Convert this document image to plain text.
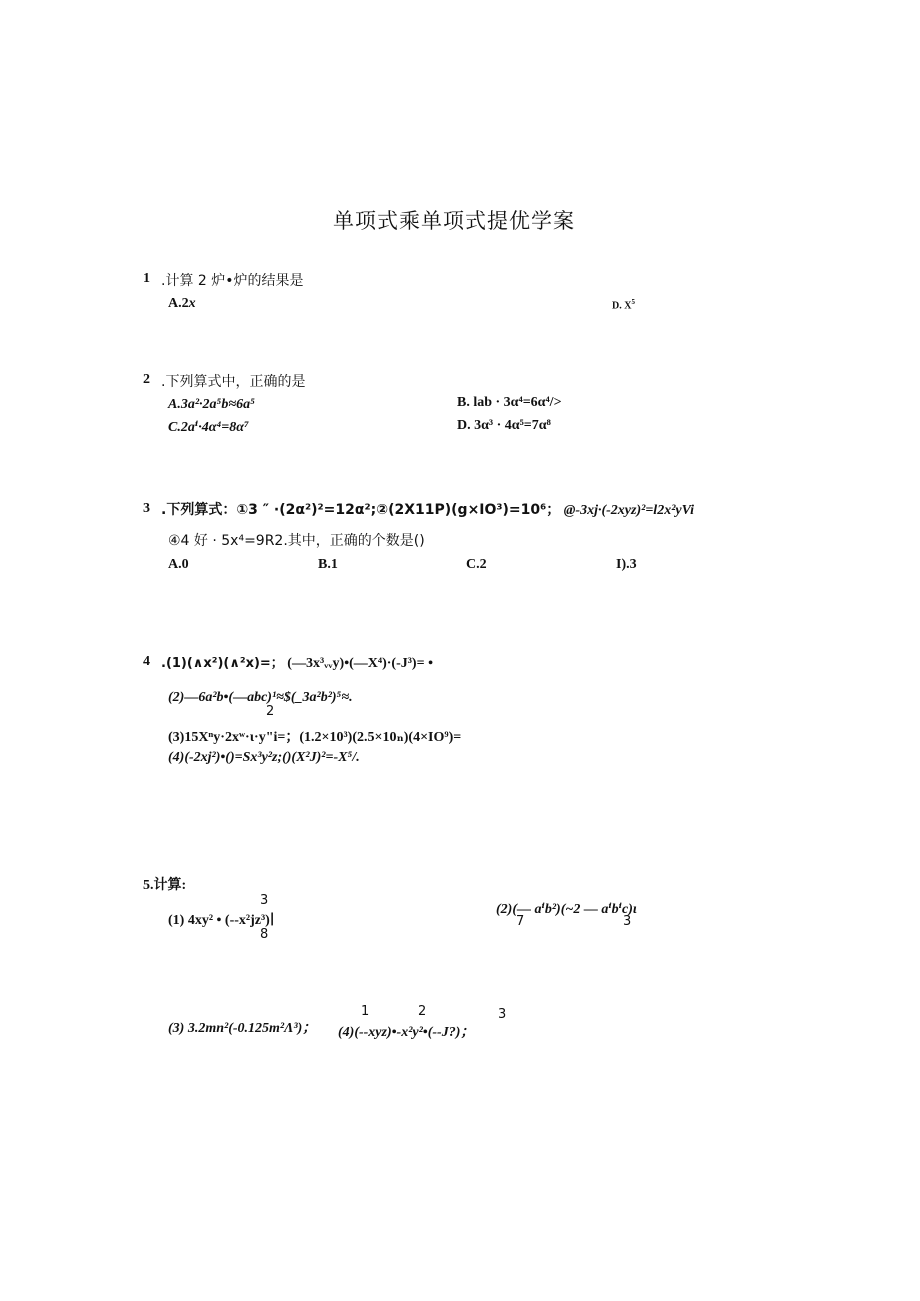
单项式乘单项式提优学案
1 .计算 2 炉•炉的结果是
A.2x	D. $X^5$
2 .下列算式中，正确的是
A.3a²·2a⁵b≈6a⁵	B. lab · 3α⁴=6α⁴/>
C.2aⁱ·4α⁴=8α⁷	D. 3α³ · 4α⁵=7α⁸
3 .下列算式：①3 ″ ·(2α²)²=12α²;②(2X11P)(g×IO³)=10⁶； @-3xj·(-2xyz)²=l2x²yVi
④4 好 · 5x⁴=9R2.其中，正确的个数是()
A.0	B.1	C.2	I).3
4 .(1)(∧x²)(∧²x)=； (—3x³ᵥᵥy)•(—X⁴)·(-J³)= •
(2)—6a²b•(—abc)¹≈$(_3a²b²)⁵≈.
2
(3)15Xⁿy·2xʷ·ι·y"i=；(1.2×10³)(2.5×10ₙ)(4×IO⁹)=
(4)(-2xj²)•()=Sx³y²z;()(X²J)²=-X⁵/.
5.计算:
3
(1) 4xy² • (--x²jz³)∣
8
(2)(— aⁱb²)(~2 — aⁱbⁱc)ι
7	3
1	2	3
(3) 3.2mn²(-0.125m²Λ³)； (4)(--xyz)•-x²y²•(--J?)；
